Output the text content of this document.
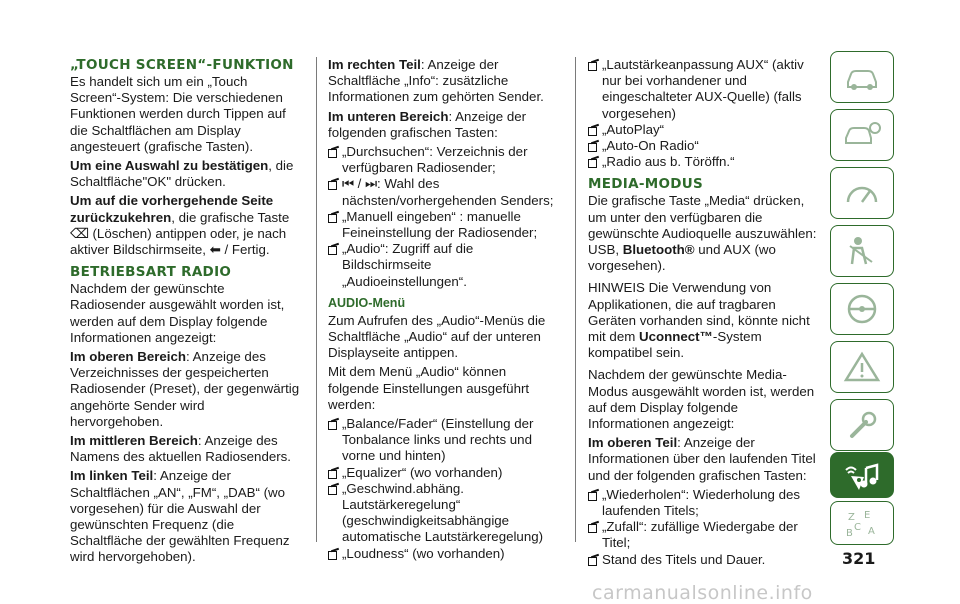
„TOUCH SCREEN“-FUNKTION

Es handelt sich um ein „Touch Screen“-System: Die verschiedenen Funktionen werden durch Tippen auf die Schaltflächen am Display angesteuert (grafische Tasten).

Um eine Auswahl zu bestätigen, die Schaltfläche"OK" drücken.

Um auf die vorhergehende Seite zurückzukehren, die grafische Taste ⌫ (Löschen) antippen oder, je nach aktiver Bildschirmseite, ⬅ / Fertig.

BETRIEBSART RADIO

Nachdem der gewünschte Radiosender ausgewählt worden ist, werden auf dem Display folgende Informationen angezeigt:

Im oberen Bereich: Anzeige des Verzeichnisses der gespeicherten Radiosender (Preset), der gegenwärtig angehörte Sender wird hervorgehoben.

Im mittleren Bereich: Anzeige des Namens des aktuellen Radiosenders.

Im linken Teil: Anzeige der Schaltflächen „AN“, „FM“, „DAB“ (wo vorgesehen) für die Auswahl der gewünschten Frequenz (die Schaltfläche der gewählten Frequenz wird hervorgehoben).

Im rechten Teil: Anzeige der Schaltfläche „Info“: zusätzliche Informationen zum gehörten Sender.

Im unteren Bereich: Anzeige der folgenden grafischen Tasten:

„Durchsuchen“: Verzeichnis der verfügbaren Radiosender;
⏮ / ⏭: Wahl des nächsten/vorhergehenden Senders;
„Manuell eingeben“ : manuelle Feineinstellung der Radiosender;
„Audio“: Zugriff auf die Bildschirmseite „Audioeinstellungen“.
AUDIO-Menü

Zum Aufrufen des „Audio“-Menüs die Schaltfläche „Audio“ auf der unteren Displayseite antippen.

Mit dem Menü „Audio“ können folgende Einstellungen ausgeführt werden:

„Balance/Fader“ (Einstellung der Tonbalance links und rechts und vorne und hinten)
„Equalizer“ (wo vorhanden)
„Geschwind.abhäng. Lautstärkeregelung“ (geschwindigkeitsabhängige automatische Lautstärkeregelung)
„Loudness“ (wo vorhanden)
„Lautstärkeanpassung AUX“ (aktiv nur bei vorhandener und eingeschalteter AUX-Quelle) (falls vorgesehen)
„AutoPlay“
„Auto-On Radio“
„Radio aus b. Töröffn.“
MEDIA-MODUS

Die grafische Taste „Media“ drücken, um unter den verfügbaren die gewünschte Audioquelle auszuwählen: USB, Bluetooth® und AUX (wo vorgesehen).

HINWEIS Die Verwendung von Applikationen, die auf tragbaren Geräten vorhanden sind, könnte nicht mit dem Uconnect™-System kompatibel sein.

Nachdem der gewünschte Media-Modus ausgewählt worden ist, werden auf dem Display folgende Informationen angezeigt:

Im oberen Teil: Anzeige der Informationen über den laufenden Titel und der folgenden grafischen Tasten:

„Wiederholen“: Wiederholung des laufenden Titels;
„Zufall“: zufällige Wiedergabe der Titel;
Stand des Titels und Dauer.
Z E
C
B A
321
carmanualsonline.info
